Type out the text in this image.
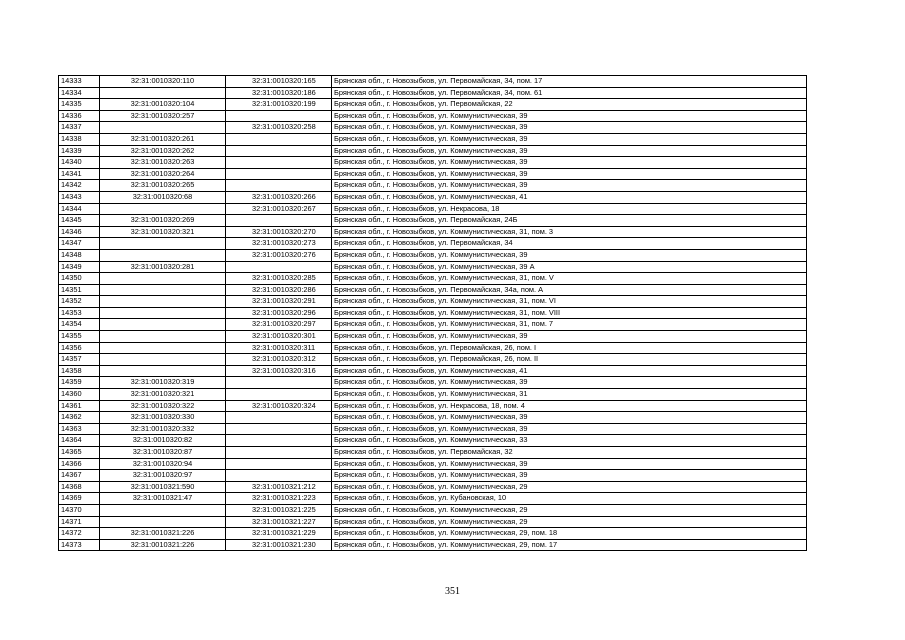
14333	32:31:0010320:110	32:31:0010320:165	Брянская обл., г. Новозыбков, ул. Первомайская, 34, пом. 17
14334		32:31:0010320:186	Брянская обл., г. Новозыбков, ул. Первомайская, 34, пом. 61
14335	32:31:0010320:104	32:31:0010320:199	Брянская обл., г. Новозыбков, ул. Первомайская, 22
14336	32:31:0010320:257		Брянская обл., г. Новозыбков, ул. Коммунистическая, 39
14337		32:31:0010320:258	Брянская обл., г. Новозыбков, ул. Коммунистическая, 39
14338	32:31:0010320:261		Брянская обл., г. Новозыбков, ул. Коммунистическая, 39
14339	32:31:0010320:262		Брянская обл., г. Новозыбков, ул. Коммунистическая, 39
14340	32:31:0010320:263		Брянская обл., г. Новозыбков, ул. Коммунистическая, 39
14341	32:31:0010320:264		Брянская обл., г. Новозыбков, ул. Коммунистическая, 39
14342	32:31:0010320:265		Брянская обл., г. Новозыбков, ул. Коммунистическая, 39
14343	32:31:0010320:68	32:31:0010320:266	Брянская обл., г. Новозыбков, ул. Коммунистическая, 41
14344		32:31:0010320:267	Брянская обл., г. Новозыбков, ул. Некрасова, 18
14345	32:31:0010320:269		Брянская обл., г. Новозыбков, ул. Первомайская, 24Б
14346	32:31:0010320:321	32:31:0010320:270	Брянская обл., г. Новозыбков, ул. Коммунистическая, 31, пом. 3
14347		32:31:0010320:273	Брянская обл., г. Новозыбков, ул. Первомайская, 34
14348		32:31:0010320:276	Брянская обл., г. Новозыбков, ул. Коммунистическая, 39
14349	32:31:0010320:281		Брянская обл., г. Новозыбков, ул. Коммунистическая, 39 А
14350		32:31:0010320:285	Брянская обл., г. Новозыбков, ул. Коммунистическая, 31, пом. V
14351		32:31:0010320:286	Брянская обл., г. Новозыбков, ул. Первомайская, 34а, пом. А
14352		32:31:0010320:291	Брянская обл., г. Новозыбков, ул. Коммунистическая, 31, пом. VI
14353		32:31:0010320:296	Брянская обл., г. Новозыбков, ул. Коммунистическая, 31, пом. VIII
14354		32:31:0010320:297	Брянская обл., г. Новозыбков, ул. Коммунистическая, 31, пом. 7
14355		32:31:0010320:301	Брянская обл., г. Новозыбков, ул. Коммунистическая, 39
14356		32:31:0010320:311	Брянская обл., г. Новозыбков, ул. Первомайская, 26, пом. I
14357		32:31:0010320:312	Брянская обл., г. Новозыбков, ул. Первомайская, 26, пом. II
14358		32:31:0010320:316	Брянская обл., г. Новозыбков, ул. Коммунистическая, 41
14359	32:31:0010320:319		Брянская обл., г. Новозыбков, ул. Коммунистическая, 39
14360	32:31:0010320:321		Брянская обл., г. Новозыбков, ул. Коммунистическая, 31
14361	32:31:0010320:322	32:31:0010320:324	Брянская обл., г. Новозыбков, ул. Некрасова, 18, пом. 4
14362	32:31:0010320:330		Брянская обл., г. Новозыбков, ул. Коммунистическая, 39
14363	32:31:0010320:332		Брянская обл., г. Новозыбков, ул. Коммунистическая, 39
14364	32:31:0010320:82		Брянская обл., г. Новозыбков, ул. Коммунистическая, 33
14365	32:31:0010320:87		Брянская обл., г. Новозыбков, ул. Первомайская, 32
14366	32:31:0010320:94		Брянская обл., г. Новозыбков, ул. Коммунистическая, 39
14367	32:31:0010320:97		Брянская обл., г. Новозыбков, ул. Коммунистическая, 39
14368	32:31:0010321:590	32:31:0010321:212	Брянская обл., г. Новозыбков, ул. Коммунистическая, 29
14369	32:31:0010321:47	32:31:0010321:223	Брянская обл., г. Новозыбков, ул. Кубановская, 10
14370		32:31:0010321:225	Брянская обл., г. Новозыбков, ул. Коммунистическая, 29
14371		32:31:0010321:227	Брянская обл., г. Новозыбков, ул. Коммунистическая, 29
14372	32:31:0010321:226	32:31:0010321:229	Брянская обл., г. Новозыбков, ул. Коммунистическая, 29, пом. 18
14373	32:31:0010321:226	32:31:0010321:230	Брянская обл., г. Новозыбков, ул. Коммунистическая, 29, пом. 17
351
